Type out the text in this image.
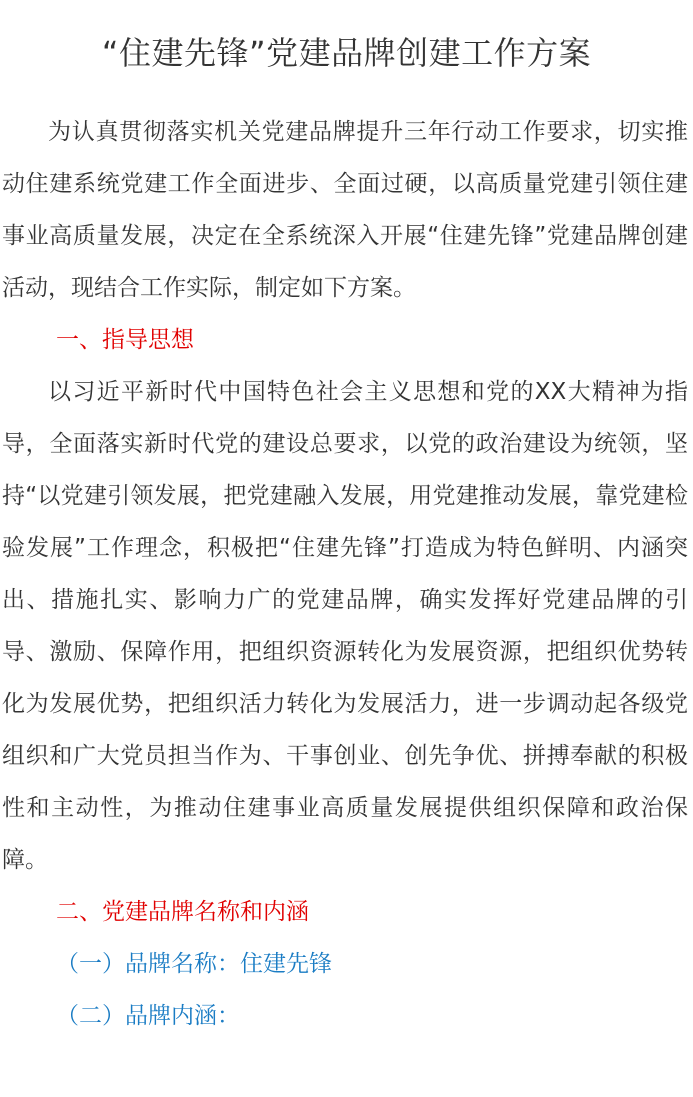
“住建先锋”党建品牌创建工作方案

为认真贯彻落实机关党建品牌提升三年行动工作要求，切实推动住建系统党建工作全面进步、全面过硬，以高质量党建引领住建事业高质量发展，决定在全系统深入开展“住建先锋”党建品牌创建活动，现结合工作实际，制定如下方案。

一、指导思想

以习近平新时代中国特色社会主义思想和党的XX大精神为指导，全面落实新时代党的建设总要求，以党的政治建设为统领，坚持“以党建引领发展，把党建融入发展，用党建推动发展，靠党建检验发展”工作理念，积极把“住建先锋”打造成为特色鲜明、内涵突出、措施扎实、影响力广的党建品牌，确实发挥好党建品牌的引导、激励、保障作用，把组织资源转化为发展资源，把组织优势转化为发展优势，把组织活力转化为发展活力，进一步调动起各级党组织和广大党员担当作为、干事创业、创先争优、拼搏奉献的积极性和主动性，为推动住建事业高质量发展提供组织保障和政治保障。

二、党建品牌名称和内涵

（一）品牌名称：住建先锋

（二）品牌内涵：
